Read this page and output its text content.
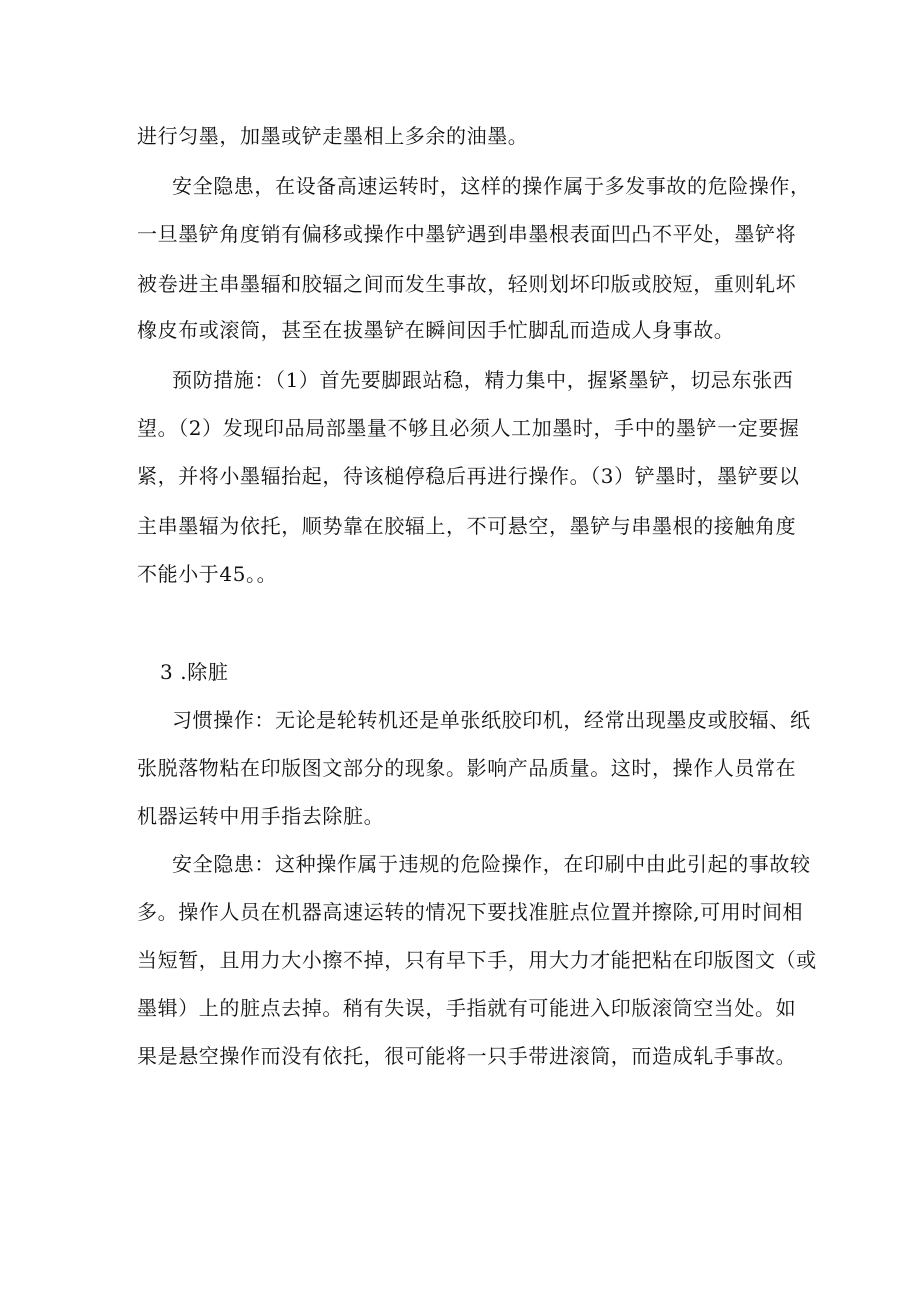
进行匀墨，加墨或铲走墨相上多余的油墨。
安全隐患，在设备高速运转时，这样的操作属于多发事故的危险操作，
一旦墨铲角度销有偏移或操作中墨铲遇到串墨根表面凹凸不平处，墨铲将
被卷进主串墨辐和胶辐之间而发生事故，轻则划坏印版或胶短，重则轧坏
橡皮布或滚筒，甚至在拔墨铲在瞬间因手忙脚乱而造成人身事故。
预防措施：（1）首先要脚跟站稳，精力集中，握紧墨铲，切忌东张西
望。（2）发现印品局部墨量不够且必须人工加墨时，手中的墨铲一定要握
紧，并将小墨辐抬起，待该槌停稳后再进行操作。（3）铲墨时，墨铲要以
主串墨辐为依托，顺势靠在胶辐上，不可悬空，墨铲与串墨根的接触角度
不能小于45。。
3 .除脏
习惯操作：无论是轮转机还是单张纸胶印机，经常出现墨皮或胶辐、纸
张脱落物粘在印版图文部分的现象。影响产品质量。这时，操作人员常在
机器运转中用手指去除脏。
安全隐患：这种操作属于违规的危险操作，在印刷中由此引起的事故较
多。操作人员在机器高速运转的情况下要找准脏点位置并擦除,可用时间相
当短暂，且用力大小擦不掉，只有早下手，用大力才能把粘在印版图文（或
墨辑）上的脏点去掉。稍有失误，手指就有可能进入印版滚筒空当处。如
果是悬空操作而没有依托，很可能将一只手带进滚筒，而造成轧手事故。
